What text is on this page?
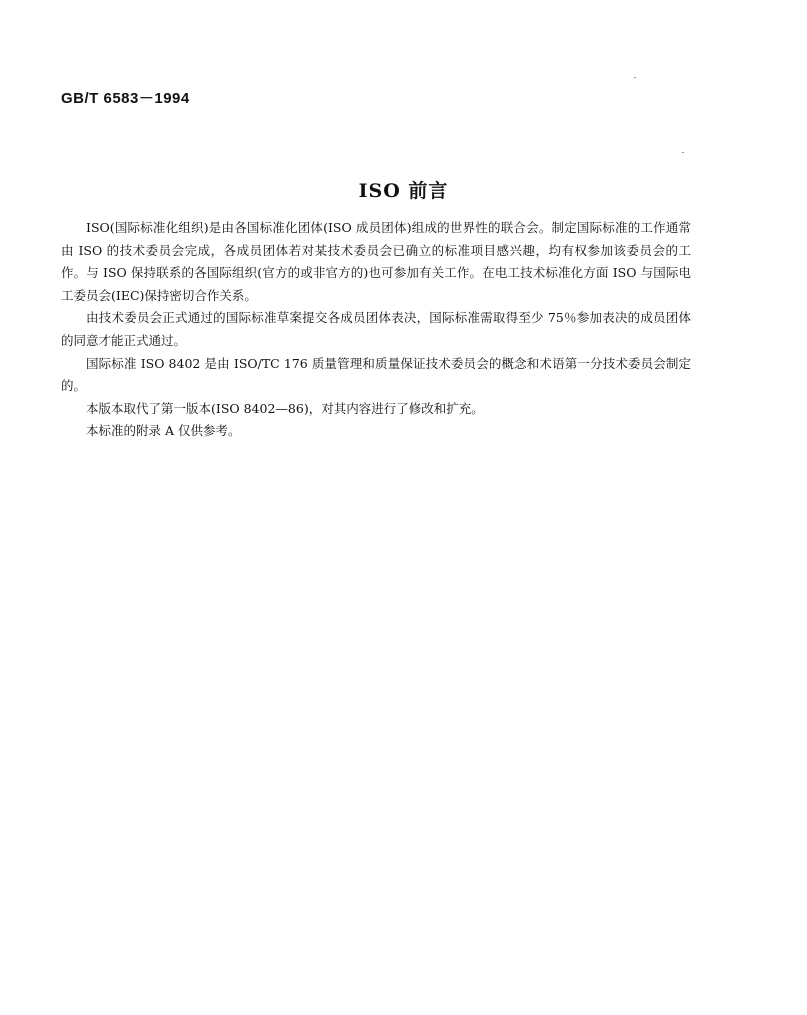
GB/T 6583－1994
ISO 前言

ISO(国际标准化组织)是由各国标准化团体(ISO 成员团体)组成的世界性的联合会。制定国际标准的工作通常由 ISO 的技术委员会完成，各成员团体若对某技术委员会已确立的标准项目感兴趣，均有权参加该委员会的工作。与 ISO 保持联系的各国际组织(官方的或非官方的)也可参加有关工作。在电工技术标准化方面 ISO 与国际电工委员会(IEC)保持密切合作关系。

由技术委员会正式通过的国际标准草案提交各成员团体表决，国际标准需取得至少 75％参加表决的成员团体的同意才能正式通过。

国际标准 ISO 8402 是由 ISO/TC 176 质量管理和质量保证技术委员会的概念和术语第一分技术委员会制定的。

本版本取代了第一版本(ISO 8402—86)，对其内容进行了修改和扩充。

本标准的附录 A 仅供参考。
